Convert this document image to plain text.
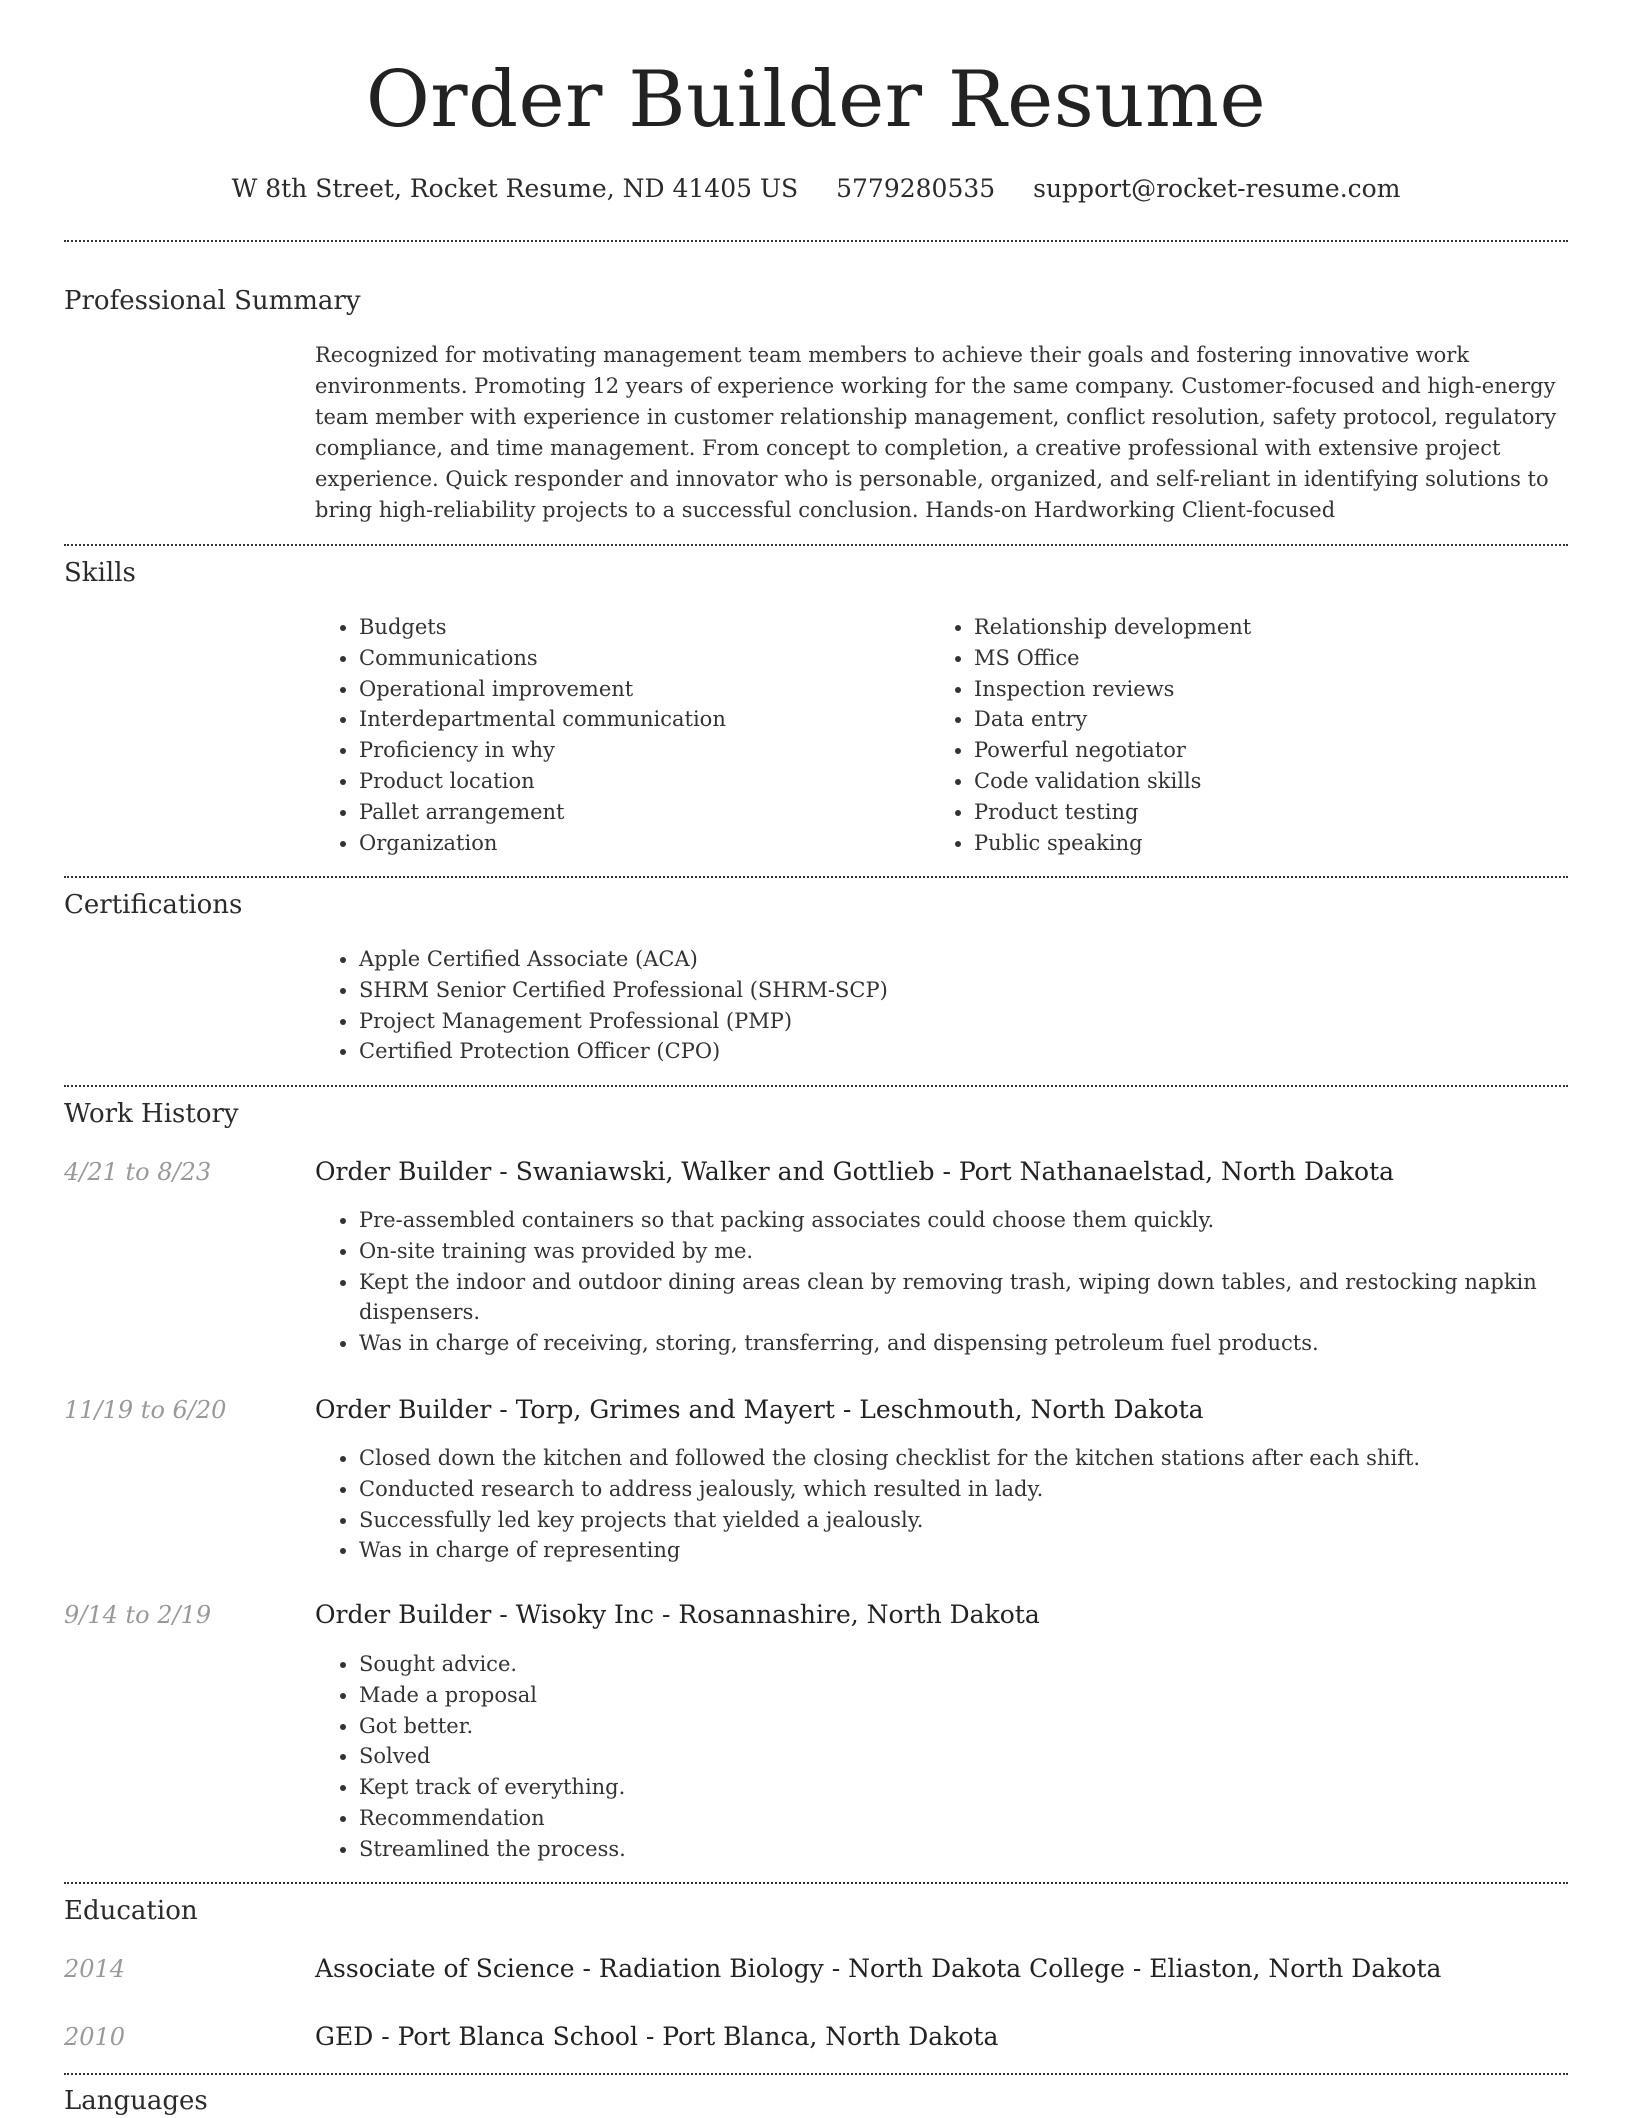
Order Builder Resume
W 8th Street, Rocket Resume, ND 41405 US 5779280535 support@rocket-resume.com
Professional Summary
Recognized for motivating management team members to achieve their goals and fostering innovative work environments. Promoting 12 years of experience working for the same company. Customer-focused and high-energy team member with experience in customer relationship management, conflict resolution, safety protocol, regulatory compliance, and time management. From concept to completion, a creative professional with extensive project experience. Quick responder and innovator who is personable, organized, and self-reliant in identifying solutions to bring high-reliability projects to a successful conclusion. Hands-on Hardworking Client-focused
Skills
• Budgets
• Communications
• Operational improvement
• Interdepartmental communication
• Proficiency in why
• Product location
• Pallet arrangement
• Organization
• Relationship development
• MS Office
• Inspection reviews
• Data entry
• Powerful negotiator
• Code validation skills
• Product testing
• Public speaking
Certifications
• Apple Certified Associate (ACA)
• SHRM Senior Certified Professional (SHRM-SCP)
• Project Management Professional (PMP)
• Certified Protection Officer (CPO)
Work History
4/21 to 8/23	Order Builder - Swaniawski, Walker and Gottlieb - Port Nathanaelstad, North Dakota
• Pre-assembled containers so that packing associates could choose them quickly.
• On-site training was provided by me.
• Kept the indoor and outdoor dining areas clean by removing trash, wiping down tables, and restocking napkin dispensers.
• Was in charge of receiving, storing, transferring, and dispensing petroleum fuel products.
11/19 to 6/20	Order Builder - Torp, Grimes and Mayert - Leschmouth, North Dakota
• Closed down the kitchen and followed the closing checklist for the kitchen stations after each shift.
• Conducted research to address jealously, which resulted in lady.
• Successfully led key projects that yielded a jealously.
• Was in charge of representing
9/14 to 2/19	Order Builder - Wisoky Inc - Rosannashire, North Dakota
• Sought advice.
• Made a proposal
• Got better.
• Solved
• Kept track of everything.
• Recommendation
• Streamlined the process.
Education
2014	Associate of Science - Radiation Biology - North Dakota College - Eliaston, North Dakota
2010	GED - Port Blanca School - Port Blanca, North Dakota
Languages
